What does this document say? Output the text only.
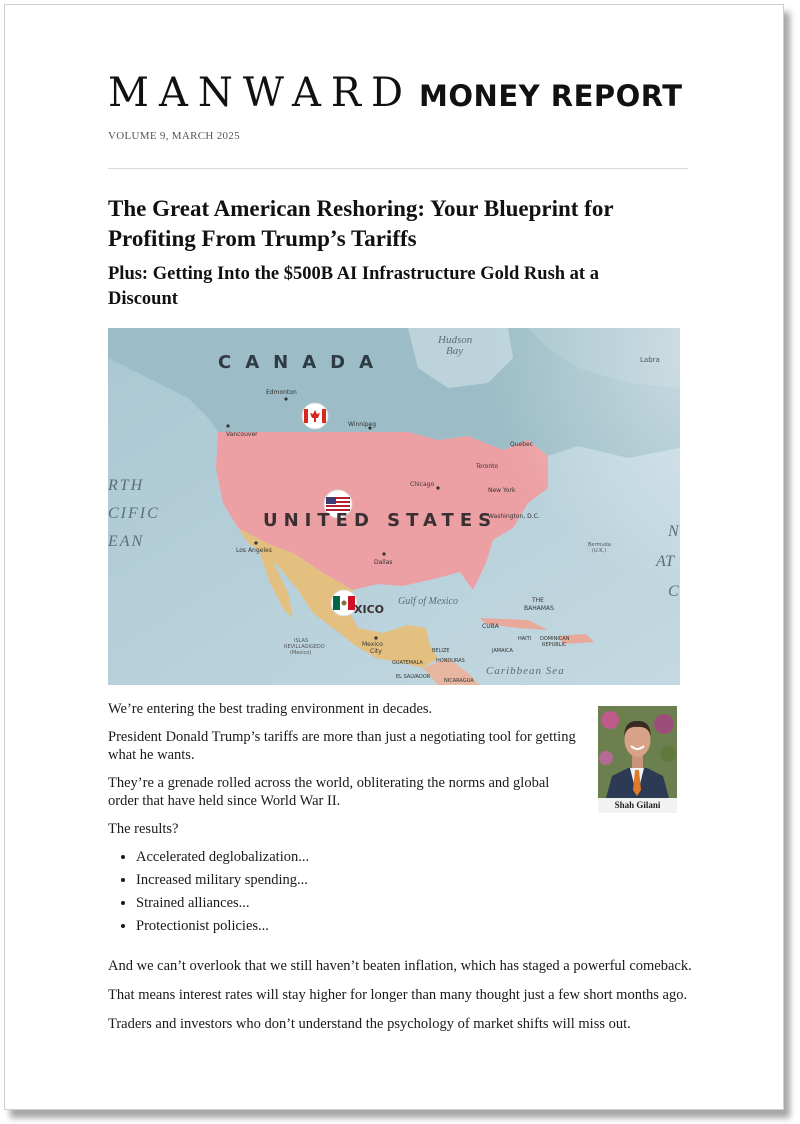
MANWARD MONEY REPORT
VOLUME 9, MARCH 2025
The Great American Reshoring: Your Blueprint for Profiting From Trump’s Tariffs
Plus: Getting Into the $500B AI Infrastructure Gold Rush at a Discount
CANADA
UNITED STATES
XICO
Hudson
Bay
RTH
CIFIC
EAN
N
AT
C
Gulf of Mexico
Caribbean Sea
Edmonton
Vancouver
Winnipeg
Chicago
Toronto
Quebec
New York
Washington, D.C.
Los Angeles
Dallas
Mexico
City
THE
BAHAMAS
CUBA
JAMAICA
HAITI DOMINICAN
REPUBLIC
BELIZE
HONDURAS
GUATEMALA
EL SALVADOR
NICARAGUA
ISLAS
REVILLAGIGEDO
(Mexico)
Bermuda
(U.K.)
Labra
Shah Gilani

We’re entering the best trading environment in decades.

President Donald Trump’s tariffs are more than just a negotiating tool for getting what he wants.

They’re a grenade rolled across the world, obliterating the norms and global order that have held since World War II.

The results?

• Accelerated deglobalization...
• Increased military spending...
• Strained alliances...
• Protectionist policies...

And we can’t overlook that we still haven’t beaten inflation, which has staged a powerful comeback.

That means interest rates will stay higher for longer than many thought just a few short months ago.

Traders and investors who don’t understand the psychology of market shifts will miss out.
